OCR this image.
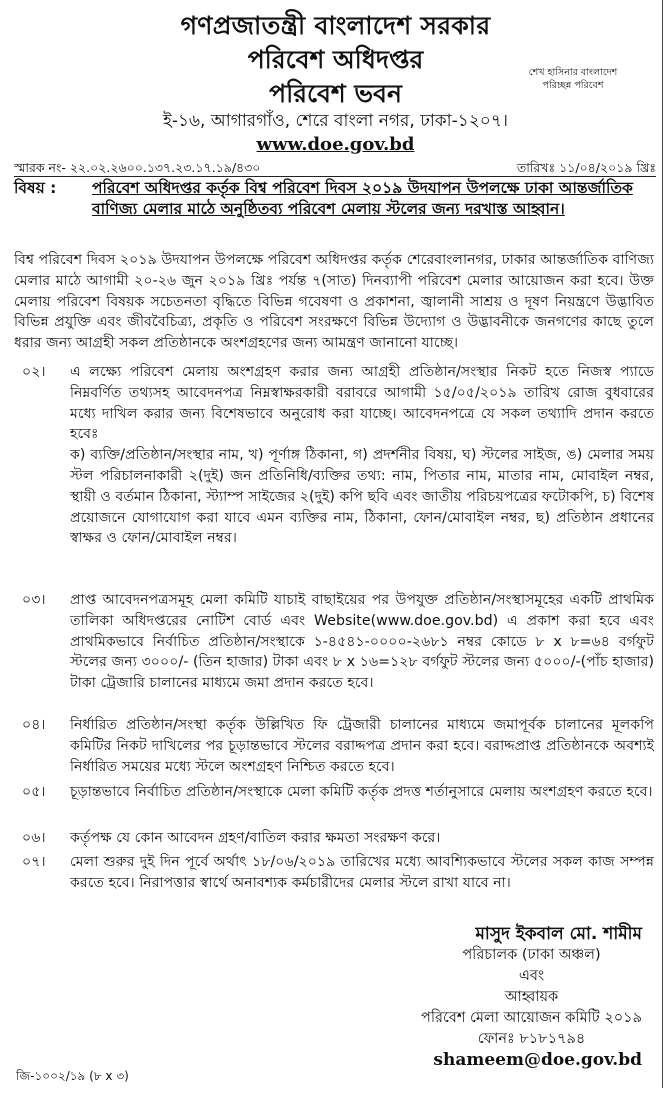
গণপ্রজাতন্ত্রী বাংলাদেশ সরকার
পরিবেশ অধিদপ্তর
পরিবেশ ভবন
ই-১৬, আগারগাঁও, শেরে বাংলা নগর, ঢাকা-১২০৭।
www.doe.gov.bd
শেখ হাসিনার বাংলাদেশ
পরিচ্ছন্ন পরিবেশ
স্মারক নং- ২২.০২.২৬০০.১৩৭.২৩.১৭.১৯/৪৩০	তারিখঃ ১১/০৪/২০১৯ খ্রিঃ
বিষয় : পরিবেশ অধিদপ্তর কর্তৃক বিশ্ব পরিবেশ দিবস ২০১৯ উদযাপন উপলক্ষে ঢাকা আন্তর্জাতিক বাণিজ্য মেলার মাঠে অনুষ্ঠিতব্য পরিবেশ মেলায় স্টলের জন্য দরখাস্ত আহ্বান।
বিশ্ব পরিবেশ দিবস ২০১৯ উদযাপন উপলক্ষে পরিবেশ অধিদপ্তর কর্তৃক শেরেবাংলানগর, ঢাকার আন্তর্জাতিক বাণিজ্য মেলার মাঠে আগামী ২০-২৬ জুন ২০১৯ খ্রিঃ পর্যন্ত ৭(সাত) দিনব্যাপী পরিবেশ মেলার আয়োজন করা হবে। উক্ত মেলায় পরিবেশ বিষয়ক সচেতনতা বৃদ্ধিতে বিভিন্ন গবেষণা ও প্রকাশনা, জ্বালানী সাশ্রয় ও দূষণ নিয়ন্ত্রণে উদ্ভাবিত বিভিন্ন প্রযুক্তি এবং জীববৈচিত্র্য, প্রকৃতি ও পরিবেশ সংরক্ষণে বিভিন্ন উদ্যোগ ও উদ্ভাবনীকে জনগণের কাছে তুলে ধরার জন্য আগ্রহী সকল প্রতিষ্ঠানকে অংশগ্রহণের জন্য আমন্ত্রণ জানানো যাচ্ছে।
০২।	এ লক্ষ্যে পরিবেশ মেলায় অংশগ্রহণ করার জন্য আগ্রহী প্রতিষ্ঠান/সংস্থার নিকট হতে নিজস্ব প্যাডে নিম্নবর্ণিত তথ্যসহ আবেদনপত্র নিম্নস্বাক্ষরকারী বরাবরে আগামী ১৫/০৫/২০১৯ তারিখ রোজ বুধবারের মধ্যে দাখিল করার জন্য বিশেষভাবে অনুরোধ করা যাচ্ছে। আবেদনপত্রে যে সকল তথ্যাদি প্রদান করতে হবেঃ
ক) ব্যক্তি/প্রতিষ্ঠান/সংস্থার নাম, খ) পূর্ণাঙ্গ ঠিকানা, গ) প্রদর্শনীর বিষয়, ঘ) স্টলের সাইজ, ঙ) মেলার সময় স্টল পরিচালনাকারী ২(দুই) জন প্রতিনিধি/ব্যক্তির তথ্য: নাম, পিতার নাম, মাতার নাম, মোবাইল নম্বর, স্থায়ী ও বর্তমান ঠিকানা, স্ট্যাম্প সাইজের ২(দুই) কপি ছবি এবং জাতীয় পরিচয়পত্রের ফটোকপি, চ) বিশেষ প্রয়োজনে যোগাযোগ করা যাবে এমন ব্যক্তির নাম, ঠিকানা, ফোন/মোবাইল নম্বর, ছ) প্রতিষ্ঠান প্রধানের স্বাক্ষর ও ফোন/মোবাইল নম্বর।
০৩।	প্রাপ্ত আবেদনপত্রসমূহ মেলা কমিটি যাচাই বাছাইয়ের পর উপযুক্ত প্রতিষ্ঠান/সংস্থাসমূহের একটি প্রাথমিক তালিকা অধিদপ্তরের নোটিশ বোর্ড এবং Website(www.doe.gov.bd) এ প্রকাশ করা হবে এবং প্রাথমিকভাবে নির্বাচিত প্রতিষ্ঠান/সংস্থাকে ১-৪৫৪১-০০০০-২৬৮১ নম্বর কোডে ৮ x ৮=৬৪ বর্গফুট স্টলের জন্য ৩০০০/- (তিন হাজার) টাকা এবং ৮ x ১৬=১২৮ বর্গফুট স্টলের জন্য ৫০০০/-(পাঁচ হাজার) টাকা ট্রেজারি চালানের মাধ্যমে জমা প্রদান করতে হবে।
০৪।	নির্ধারিত প্রতিষ্ঠান/সংস্থা কর্তৃক উল্লিখিত ফি ট্রেজারী চালানের মাধ্যমে জমাপূর্বক চালানের মূলকপি কমিটির নিকট দাখিলের পর চূড়ান্তভাবে স্টলের বরাদ্দপত্র প্রদান করা হবে। বরাদ্দপ্রাপ্ত প্রতিষ্ঠানকে অবশ্যই নির্ধারিত সময়ের মধ্যে স্টলে অংশগ্রহণ নিশ্চিত করতে হবে।
০৫।	চূড়ান্তভাবে নির্বাচিত প্রতিষ্ঠান/সংস্থাকে মেলা কমিটি কর্তৃক প্রদত্ত শর্তানুসারে মেলায় অংশগ্রহণ করতে হবে।
০৬।	কর্তৃপক্ষ যে কোন আবেদন গ্রহণ/বাতিল করার ক্ষমতা সংরক্ষণ করে।
০৭।	মেলা শুরুর দুই দিন পূর্বে অর্থাৎ ১৮/০৬/২০১৯ তারিখের মধ্যে আবশ্যিকভাবে স্টলের সকল কাজ সম্পন্ন করতে হবে। নিরাপত্তার স্বার্থে অনাবশ্যক কর্মচারীদের মেলার স্টলে রাখা যাবে না।
মাসুদ ইকবাল মো. শামীম
পরিচালক (ঢাকা অঞ্চল)
এবং
আহ্বায়ক
পরিবেশ মেলা আয়োজন কমিটি ২০১৯
ফোনঃ ৮১৮১৭৯৪
shameem@doe.gov.bd
জি-১০০২/১৯ (৮ x ৩)
